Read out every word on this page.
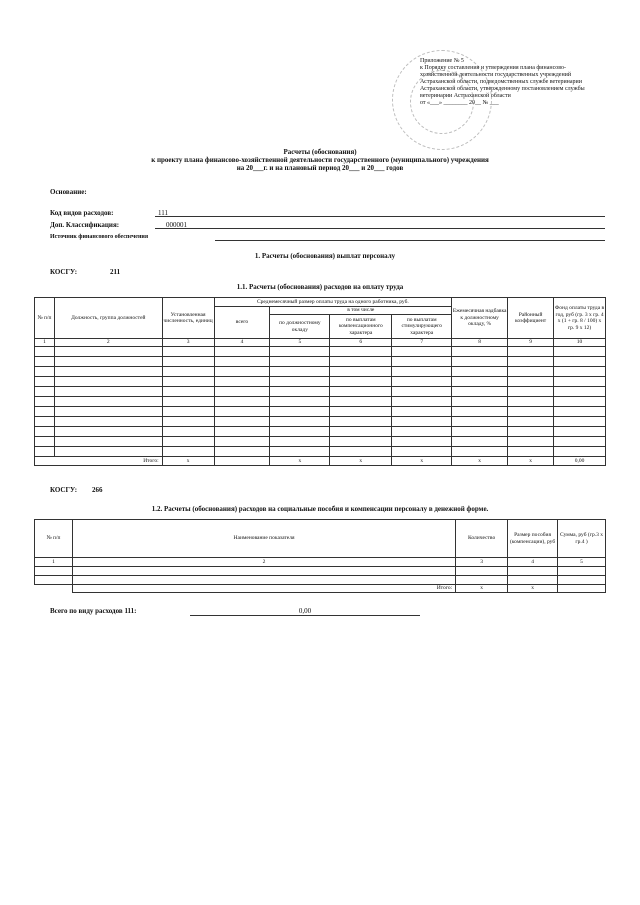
Приложение № 5
к Порядку составления и утверждения плана финансово-
хозяйственной деятельности государственных учреждений
Астраханской области, подведомственных службе ветеринарии
Астраханской области, утвержденному постановлением службы
ветеринарии Астраханской области
от «___» ________ 20__ № ___
Расчеты (обоснования)
к проекту плана финансово-хозяйственной деятельности государственного (муниципального) учреждения
на 20___г. и на плановый период 20___ и 20___ годов
Основание:
Код видов расходов:	111
Доп. Классификация:	000001
Источник финансового обеспечения
1. Расчеты (обоснования) выплат персоналу
КОСГУ:	211
1.1. Расчеты (обоснования) расходов на оплату труда
№ п/п	Должность, группа должностей	Установленная численность, единиц	Среднемесячный размер оплаты труда на одного работника, руб.				Ежемесячная надбавка к должностному окладу, %	Районный коэффициент	Фонд оплаты труда в год, руб (гр. 3 х гр. 4 х (1 + гр. 8 / 100) х гр. 9 х 12)
			всего	в том числе					
				по должностному окладу	по выплатам компенсационного характера	по выплатам стимулирующего характера			
1	2	3	4	5	6	7	8	9	10

Итого:		х		х	х	х	х	х	0,00
КОСГУ: 266
1.2. Расчеты (обоснования) расходов на социальные пособия и компенсации персоналу в денежной форме.
№ п/п	Наименование показателя	Количество	Размер пособия (компенсации), руб	Сумма, руб (гр.3 х гр.4 )
1	2	3	4	5

	Итого:	х	х	
Всего по виду расходов 111:	0,00
